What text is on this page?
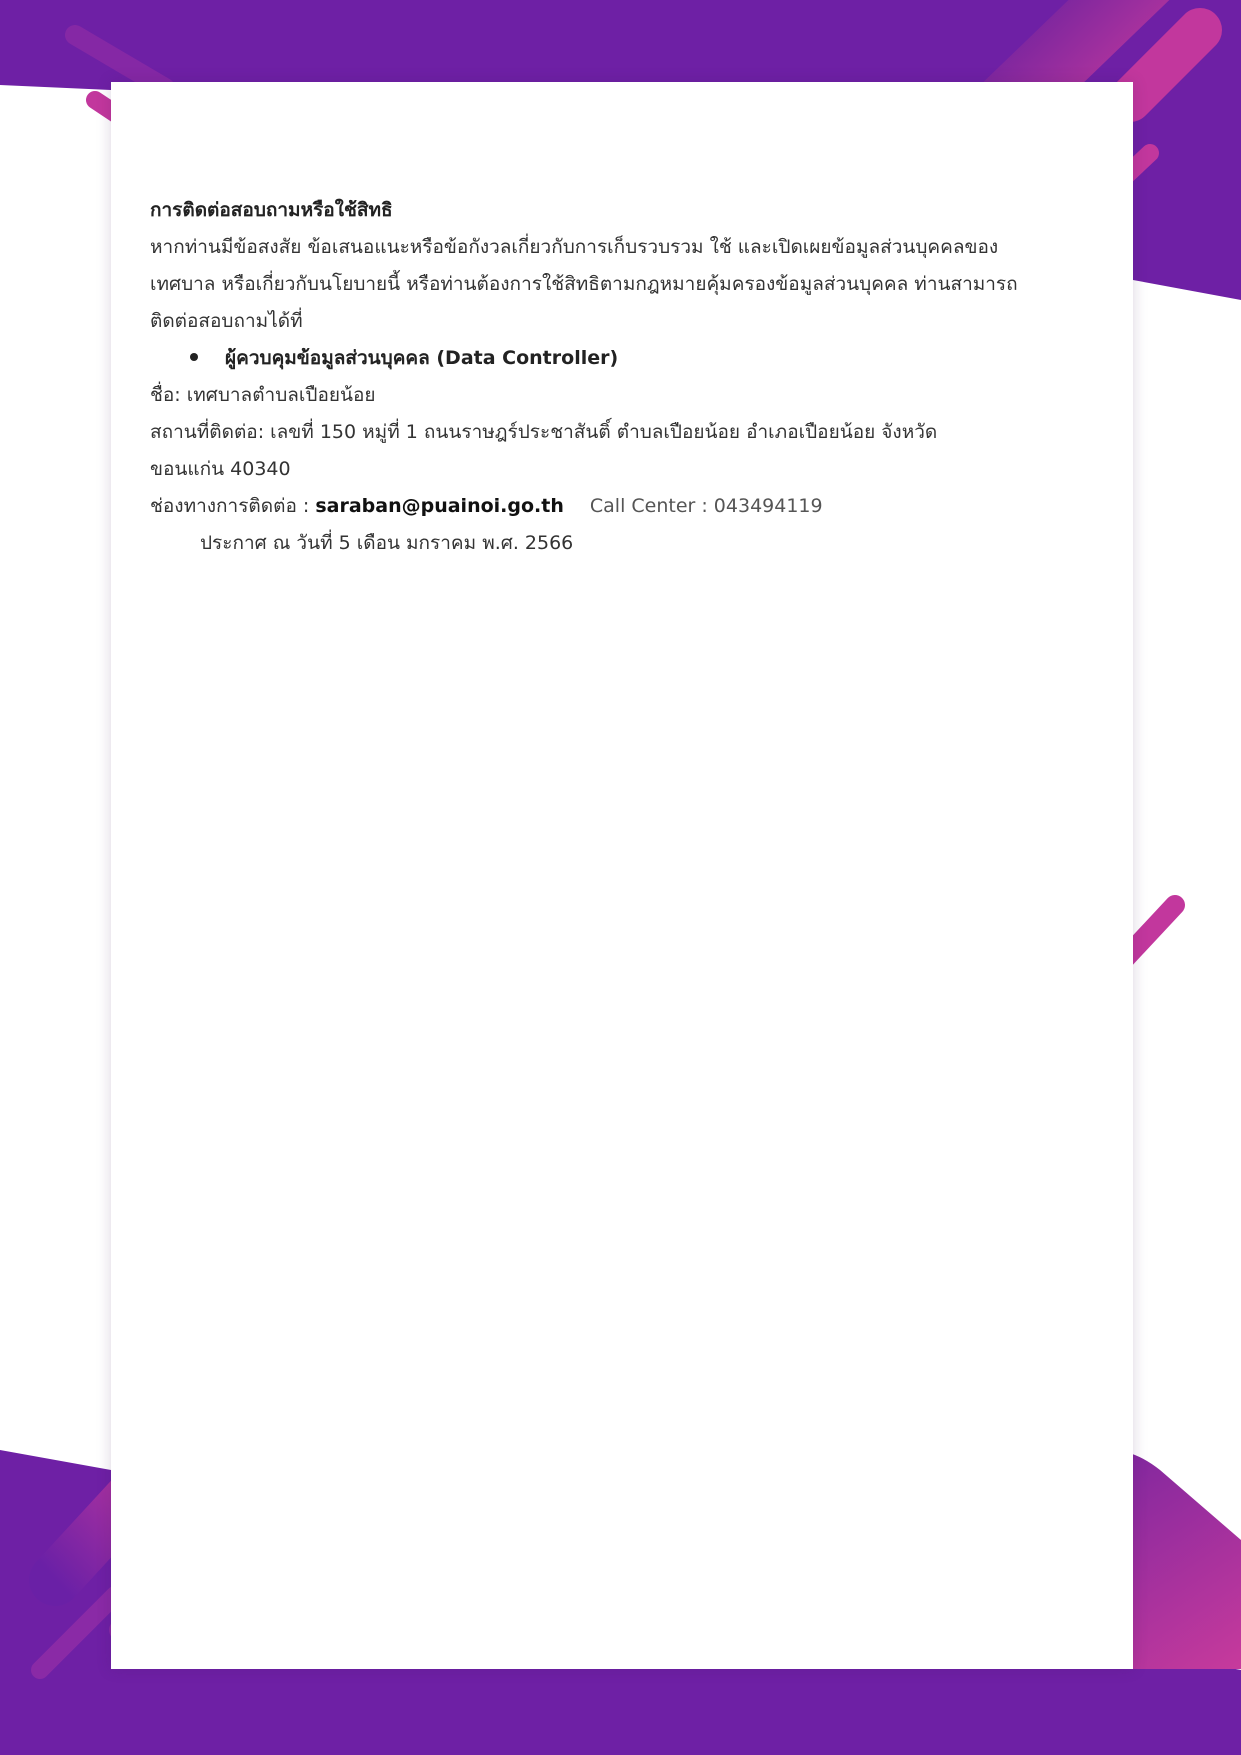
การติดต่อสอบถามหรือใช้สิทธิ

หากท่านมีข้อสงสัย ข้อเสนอแนะหรือข้อกังวลเกี่ยวกับการเก็บรวบรวม ใช้ และเปิดเผยข้อมูลส่วนบุคคลของ

เทศบาล หรือเกี่ยวกับนโยบายนี้ หรือท่านต้องการใช้สิทธิตามกฎหมายคุ้มครองข้อมูลส่วนบุคคล ท่านสามารถ

ติดต่อสอบถามได้ที่

ผู้ควบคุมข้อมูลส่วนบุคคล (Data Controller)

ชื่อ: เทศบาลตำบลเปือยน้อย

สถานที่ติดต่อ: เลขที่ 150 หมู่ที่ 1 ถนนราษฎร์ประชาสันติ์ ตำบลเปือยน้อย อำเภอเปือยน้อย จังหวัด

ขอนแก่น 40340

ช่องทางการติดต่อ : saraban@puainoi.go.th Call Center : 043494119

ประกาศ ณ วันที่ 5 เดือน มกราคม พ.ศ. 2566
